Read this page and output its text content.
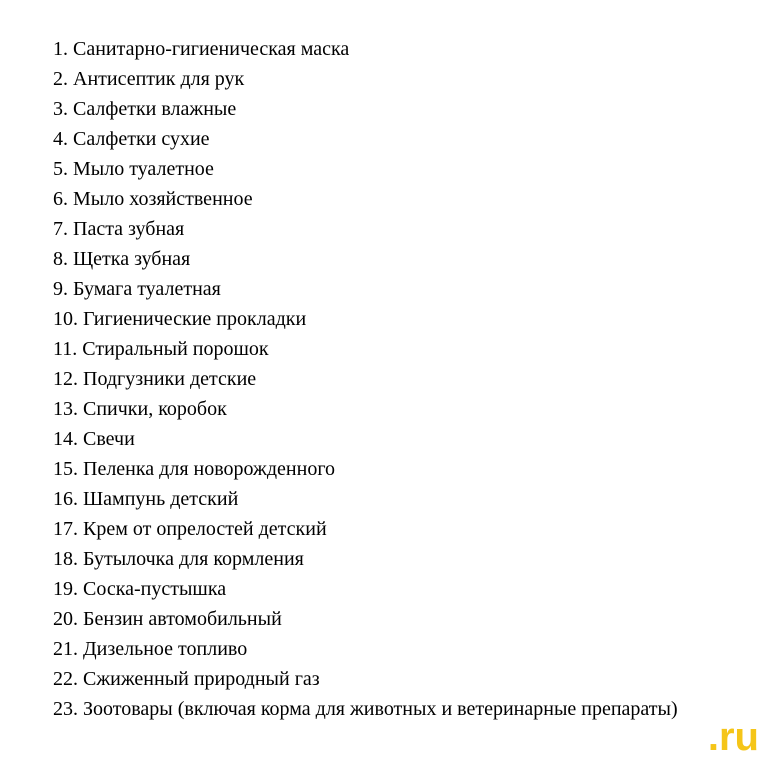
1. Санитарно-гигиеническая маска
2. Антисептик для рук
3. Салфетки влажные
4. Салфетки сухие
5. Мыло туалетное
6. Мыло хозяйственное
7. Паста зубная
8. Щетка зубная
9. Бумага туалетная
10. Гигиенические прокладки
11. Стиральный порошок
12. Подгузники детские
13. Спички, коробок
14. Свечи
15. Пеленка для новорожденного
16. Шампунь детский
17. Крем от опрелостей детский
18. Бутылочка для кормления
19. Соска-пустышка
20. Бензин автомобильный
21. Дизельное топливо
22. Сжиженный природный газ
23. Зоотовары (включая корма для животных и ветеринарные препараты)
.ru
